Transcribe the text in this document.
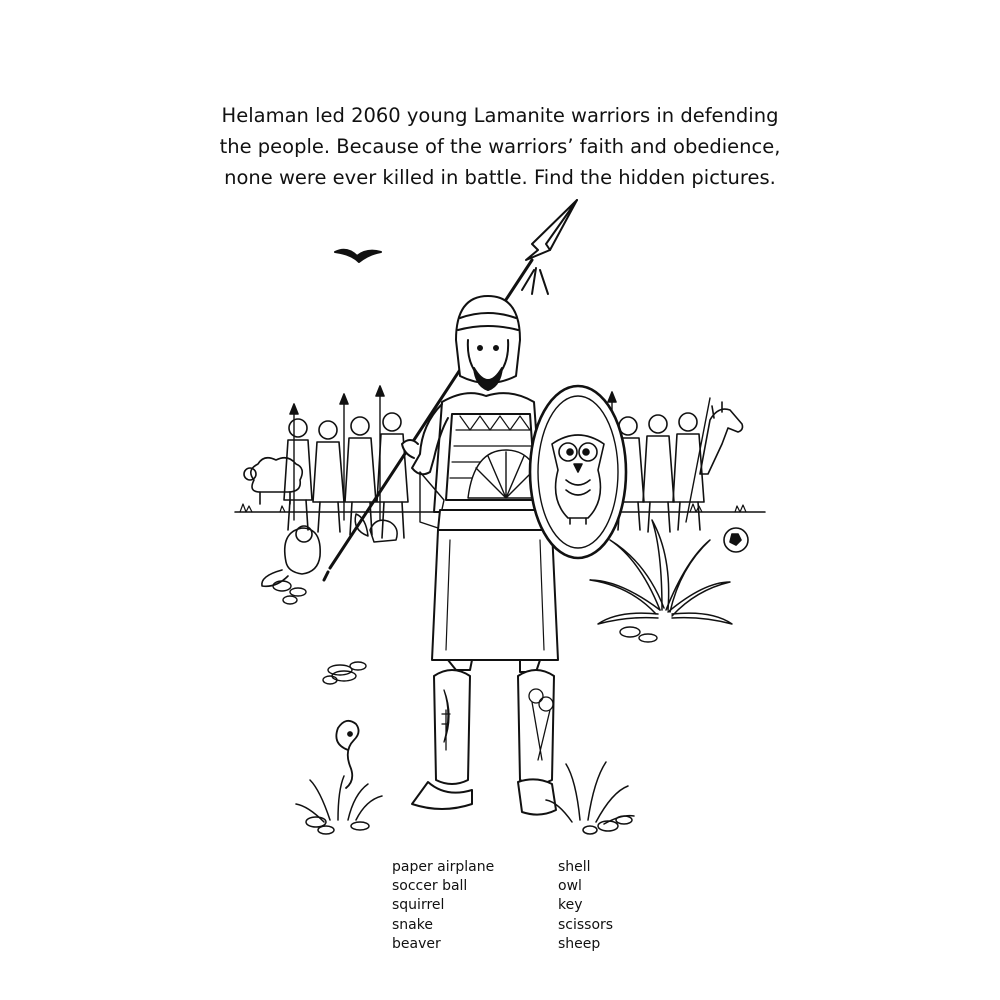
Helaman led 2060 young Lamanite warriors in defending
the people. Because of the warriors’ faith and obedience,
none were ever killed in battle. Find the hidden pictures.
paper airplane
soccer ball
squirrel
snake
beaver
shell
owl
key
scissors
sheep
